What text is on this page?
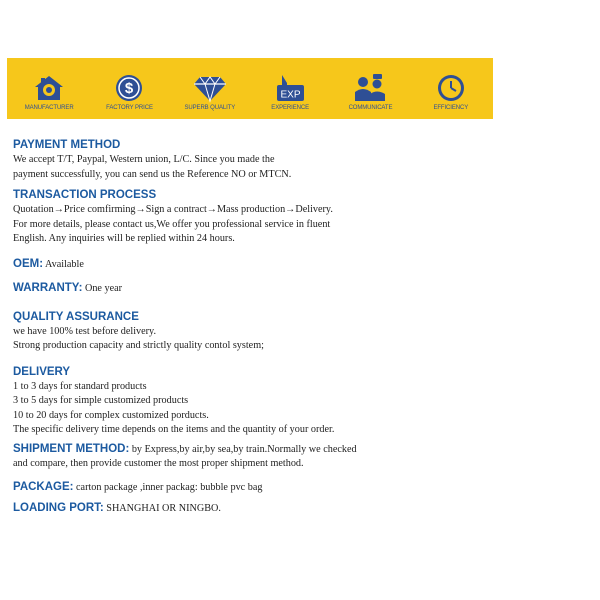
MANUFACTURER
$
FACTORY PRICE	SUPERB QUALITY
EXP
EXPERIENCE	COMMUNICATE	EFFICIENCY
PAYMENT METHOD
We accept T/T, Paypal, Western union, L/C. Since you made the
payment successfully, you can send us the Reference NO or MTCN.
TRANSACTION PROCESS
Quotation→Price comfirming→Sign a contract→Mass production→Delivery.
For more details, please contact us,We offer you professional service in fluent
English. Any inquiries will be replied within 24 hours.
OEM: Available
WARRANTY: One year
QUALITY ASSURANCE
we have 100% test before delivery.
Strong production capacity and strictly quality contol system;
DELIVERY
1 to 3 days for standard products
3 to 5 days for simple customized products
10 to 20 days for complex customized porducts.
The specific delivery time depends on the items and the quantity of your order.
SHIPMENT METHOD: by Express,by air,by sea,by train.Normally we checked
and compare, then provide customer the most proper shipment method.
PACKAGE: carton package ,inner packag: bubble pvc bag
LOADING PORT: SHANGHAI OR NINGBO.
